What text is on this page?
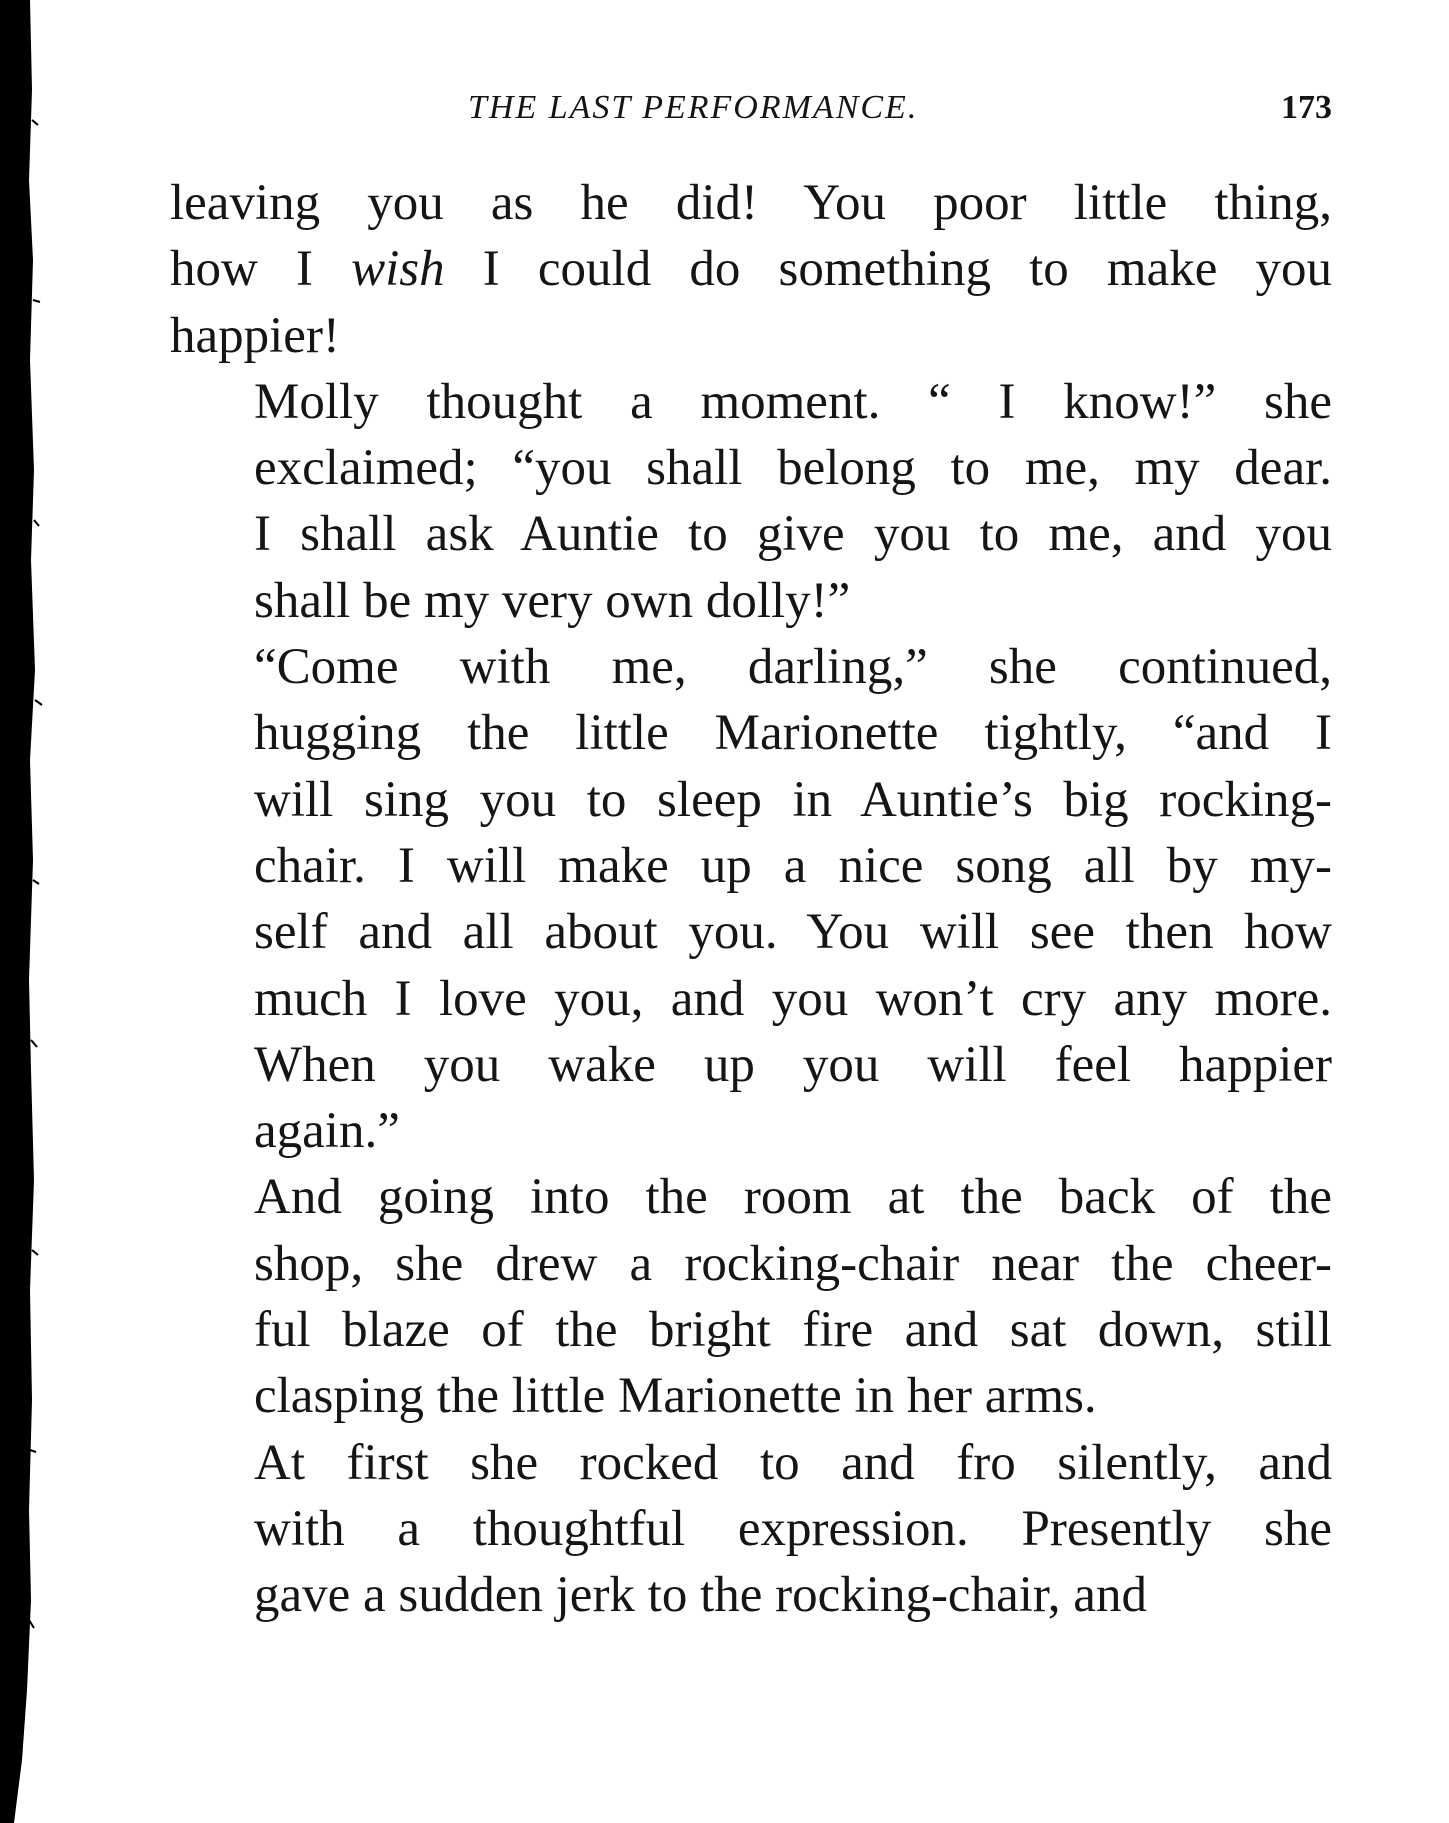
THE LAST PERFORMANCE.	173

leaving you as he did! You poor little thing,
how I wish I could do something to make you
happier!

Molly thought a moment. “ I know!” she
exclaimed; “you shall belong to me, my dear.
I shall ask Auntie to give you to me, and you
shall be my very own dolly!”

“Come with me, darling,” she continued,
hugging the little Marionette tightly, “and I
will sing you to sleep in Auntie’s big rocking-
chair. I will make up a nice song all by my-
self and all about you. You will see then how
much I love you, and you won’t cry any more.
When you wake up you will feel happier
again.”

And going into the room at the back of the
shop, she drew a rocking-chair near the cheer-
ful blaze of the bright fire and sat down, still
clasping the little Marionette in her arms.

At first she rocked to and fro silently, and
with a thoughtful expression. Presently she
gave a sudden jerk to the rocking-chair, and
